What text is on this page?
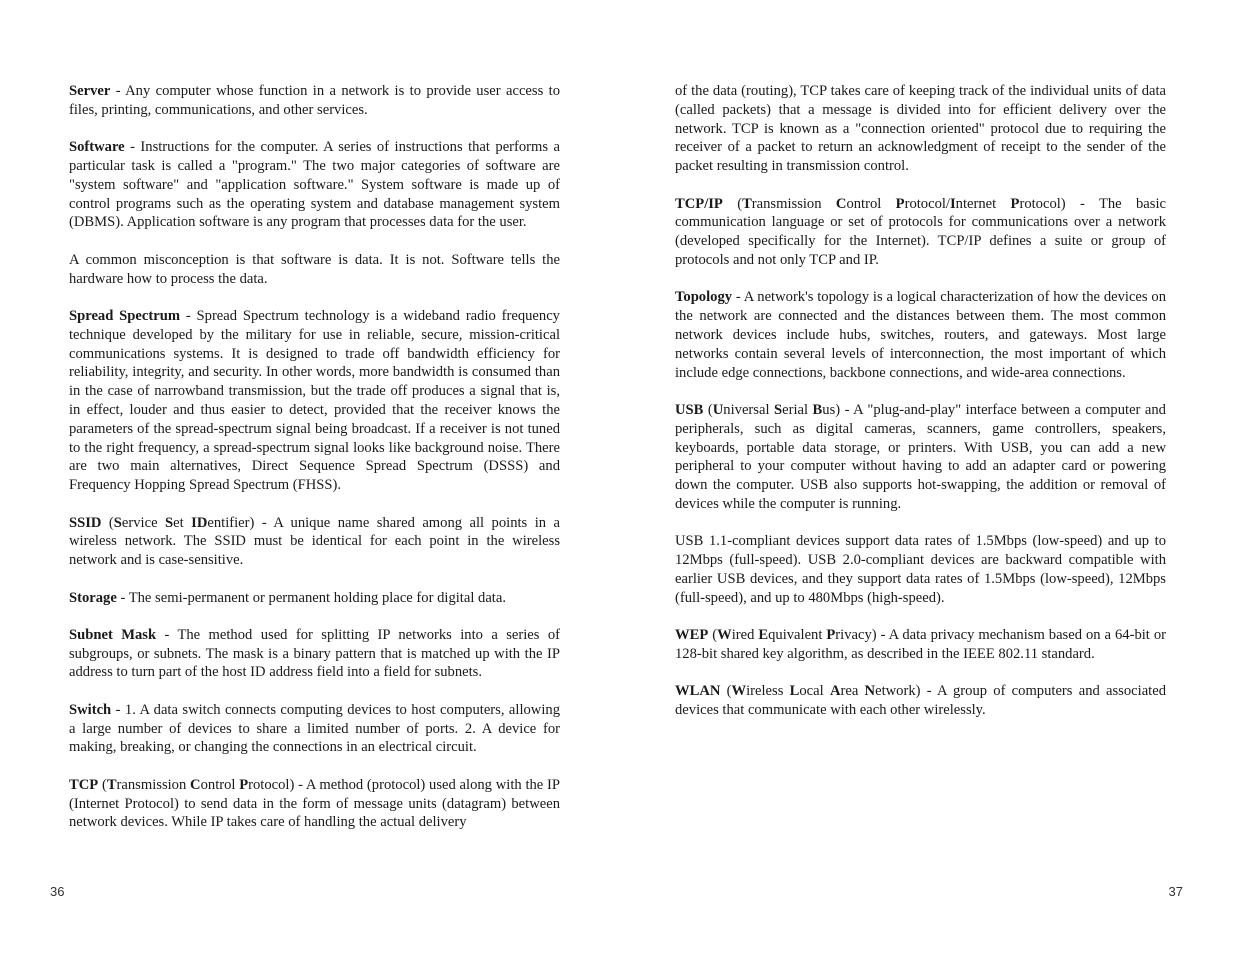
Server - Any computer whose function in a network is to provide user access to files, printing, communications, and other services.

Software - Instructions for the computer. A series of instructions that performs a particular task is called a "program." The two major categories of software are "system software" and "application software." System software is made up of control programs such as the operating system and database management system (DBMS). Application software is any program that processes data for the user.

A common misconception is that software is data. It is not. Software tells the hardware how to process the data.

Spread Spectrum - Spread Spectrum technology is a wideband radio frequency technique developed by the military for use in reliable, secure, mission-critical communications systems. It is designed to trade off bandwidth efficiency for reliability, integrity, and security. In other words, more bandwidth is consumed than in the case of narrowband transmission, but the trade off produces a signal that is, in effect, louder and thus easier to detect, provided that the receiver knows the parameters of the spread-spectrum signal being broadcast. If a receiver is not tuned to the right frequency, a spread-spectrum signal looks like background noise. There are two main alternatives, Direct Sequence Spread Spectrum (DSSS) and Frequency Hopping Spread Spectrum (FHSS).

SSID (Service Set IDentifier) - A unique name shared among all points in a wireless network. The SSID must be identical for each point in the wireless network and is case-sensitive.

Storage - The semi-permanent or permanent holding place for digital data.

Subnet Mask - The method used for splitting IP networks into a series of subgroups, or subnets. The mask is a binary pattern that is matched up with the IP address to turn part of the host ID address field into a field for subnets.

Switch - 1. A data switch connects computing devices to host computers, allowing a large number of devices to share a limited number of ports. 2. A device for making, breaking, or changing the connections in an electrical circuit.

TCP (Transmission Control Protocol) - A method (protocol) used along with the IP (Internet Protocol) to send data in the form of message units (datagram) between network devices. While IP takes care of handling the actual delivery

36

of the data (routing), TCP takes care of keeping track of the individual units of data (called packets) that a message is divided into for efficient delivery over the network. TCP is known as a "connection oriented" protocol due to requiring the receiver of a packet to return an acknowledgment of receipt to the sender of the packet resulting in transmission control.

TCP/IP (Transmission Control Protocol/Internet Protocol) - The basic communication language or set of protocols for communications over a network (developed specifically for the Internet). TCP/IP defines a suite or group of protocols and not only TCP and IP.

Topology - A network's topology is a logical characterization of how the devices on the network are connected and the distances between them. The most common network devices include hubs, switches, routers, and gateways. Most large networks contain several levels of interconnection, the most important of which include edge connections, backbone connections, and wide-area connections.

USB (Universal Serial Bus) - A "plug-and-play" interface between a computer and peripherals, such as digital cameras, scanners, game controllers, speakers, keyboards, portable data storage, or printers. With USB, you can add a new peripheral to your computer without having to add an adapter card or powering down the computer. USB also supports hot-swapping, the addition or removal of devices while the computer is running.

USB 1.1-compliant devices support data rates of 1.5Mbps (low-speed) and up to 12Mbps (full-speed). USB 2.0-compliant devices are backward compatible with earlier USB devices, and they support data rates of 1.5Mbps (low-speed), 12Mbps (full-speed), and up to 480Mbps (high-speed).

WEP (Wired Equivalent Privacy) - A data privacy mechanism based on a 64-bit or 128-bit shared key algorithm, as described in the IEEE 802.11 standard.

WLAN (Wireless Local Area Network) - A group of computers and associated devices that communicate with each other wirelessly.

37
